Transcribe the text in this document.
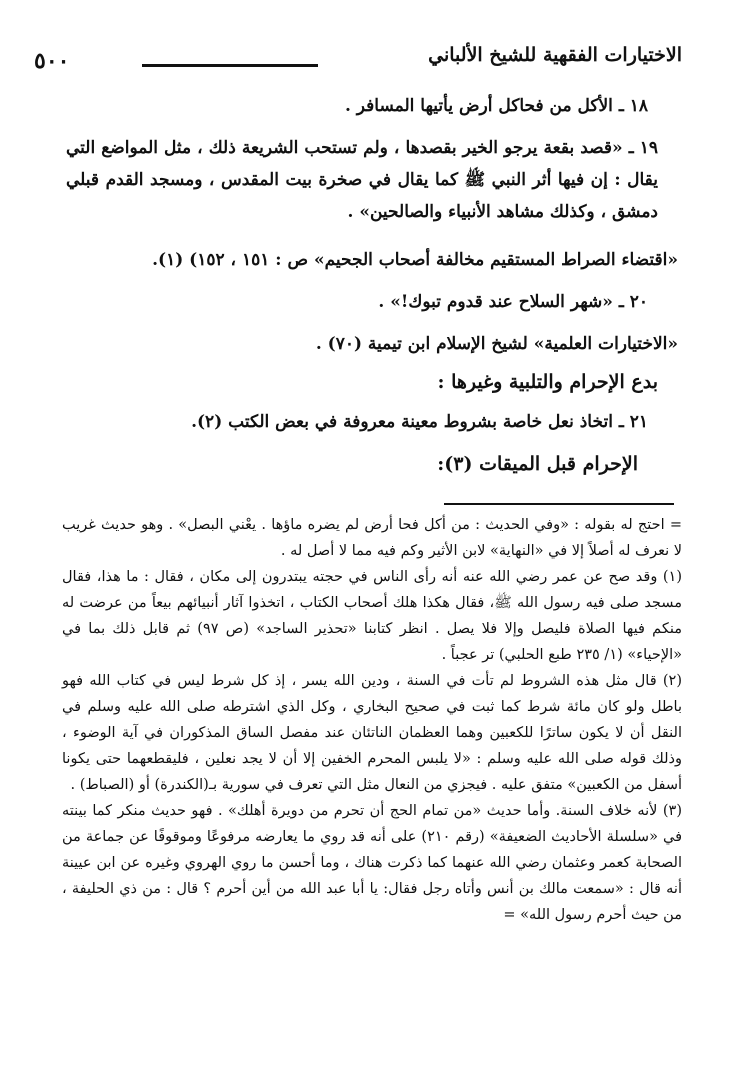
٥٠٠	الاختيارات الفقهية للشيخ الألباني
١٨ ـ الأكل من فحاكل أرض يأتيها المسافر .
١٩ ـ «قصد بقعة يرجو الخير بقصدها ، ولم تستحب الشريعة ذلك ، مثل المواضع التي يقال : إن فيها أثر النبي ﷺ كما يقال في صخرة بيت المقدس ، ومسجد القدم قبلي دمشق ، وكذلك مشاهد الأنبياء والصالحين» .
«اقتضاء الصراط المستقيم مخالفة أصحاب الجحيم» ص : ١٥١ ، ١٥٢) (١).
٢٠ ـ «شهر السلاح عند قدوم تبوك!» .
«الاختيارات العلمية» لشيخ الإسلام ابن تيمية (٧٠) .
بدع الإحرام والتلبية وغيرها :
٢١ ـ اتخاذ نعل خاصة بشروط معينة معروفة في بعض الكتب (٢).
الإحرام قبل الميقات (٣):

= احتج له بقوله : «وفي الحديث : من أكل فحا أرض لم يضره ماؤها . يعْني البصل» . وهو حديث غريب لا نعرف له أصلاً إلا في «النهاية» لابن الأثير وكم فيه مما لا أصل له .

(١) وقد صح عن عمر رضي الله عنه أنه رأى الناس في حجته يبتدرون إلى مكان ، فقال : ما هذا، فقال مسجد صلى فيه رسول الله ﷺ، فقال هكذا هلك أصحاب الكتاب ، اتخذوا آثار أنبيائهم بيعاً من عرضت له منكم فيها الصلاة فليصل وإلا فلا يصل . انظر كتابنا «تحذير الساجد» (ص ٩٧) ثم قابل ذلك بما في «الإحياء» (١/ ٢٣٥ طبع الحلبي) تر عجباً .

(٢) قال مثل هذه الشروط لم تأت في السنة ، ودين الله يسر ، إذ كل شرط ليس في كتاب الله فهو باطل ولو كان مائة شرط كما ثبت في صحيح البخاري ، وكل الذي اشترطه صلى الله عليه وسلم في النقل أن لا يكون ساترًا للكعبين وهما العظمان الناتئان عند مفصل الساق المذكوران في آية الوضوء ، وذلك قوله صلى الله عليه وسلم : «لا يلبس المحرم الخفين إلا أن لا يجد نعلين ، فليقطعهما حتى يكونا أسفل من الكعبين» متفق عليه . فيجزي من النعال مثل التي تعرف في سورية بـ(الكندرة) أو (الصباط) .

(٣) لأنه خلاف السنة. وأما حديث «من تمام الحج أن تحرم من دويرة أهلك» . فهو حديث منكر كما بينته في «سلسلة الأحاديث الضعيفة» (رقم ٢١٠) على أنه قد روي ما يعارضه مرفوعًا وموقوفًا عن جماعة من الصحابة كعمر وعثمان رضي الله عنهما كما ذكرت هناك ، وما أحسن ما روي الهروي وغيره عن ابن عيينة أنه قال : «سمعت مالك بن أنس وأتاه رجل فقال: يا أبا عبد الله من أين أحرم ؟ قال : من ذي الحليفة ، من حيث أحرم رسول الله» =
